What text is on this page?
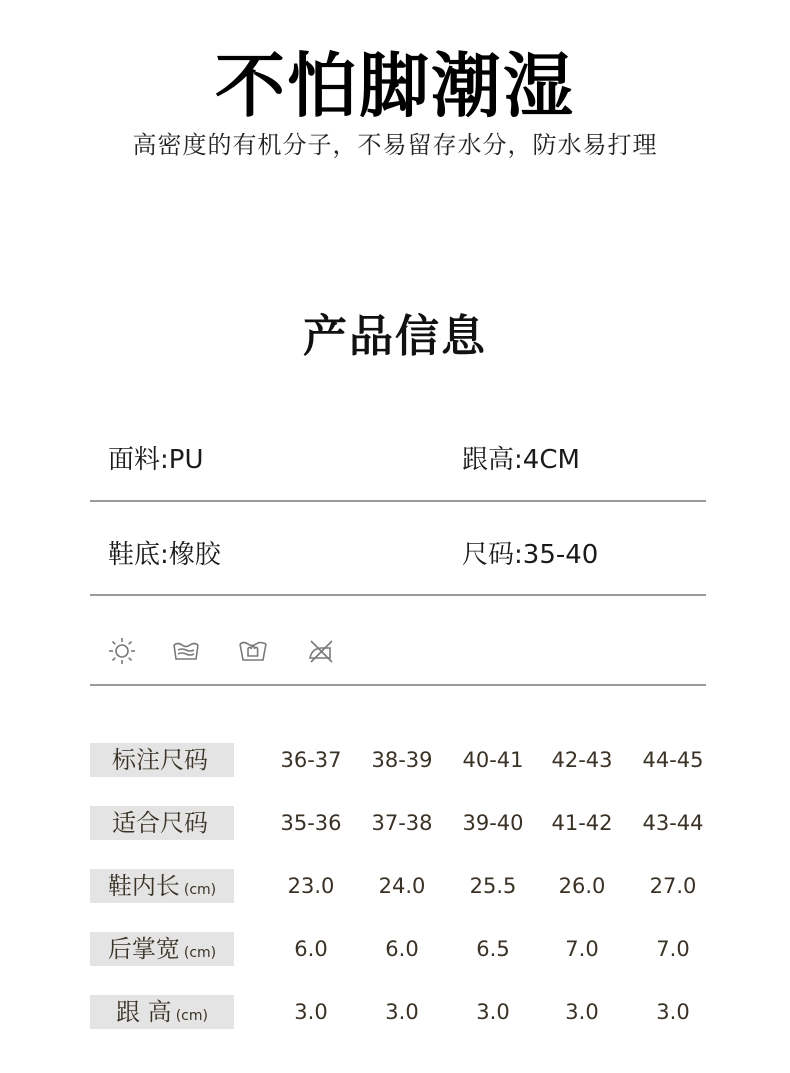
不怕脚潮湿
高密度的有机分子，不易留存水分，防水易打理
产品信息
面料:PU	跟高:4CM
鞋底:橡胶	尺码:35-40
标注尺码	36-37	38-39	40-41	42-43	44-45
适合尺码	35-36	37-38	39-40	41-42	43-44
鞋内长 (cm)	23.0	24.0	25.5	26.0	27.0
后掌宽 (cm)	6.0	6.0	6.5	7.0	7.0
跟 高 (cm)	3.0	3.0	3.0	3.0	3.0
